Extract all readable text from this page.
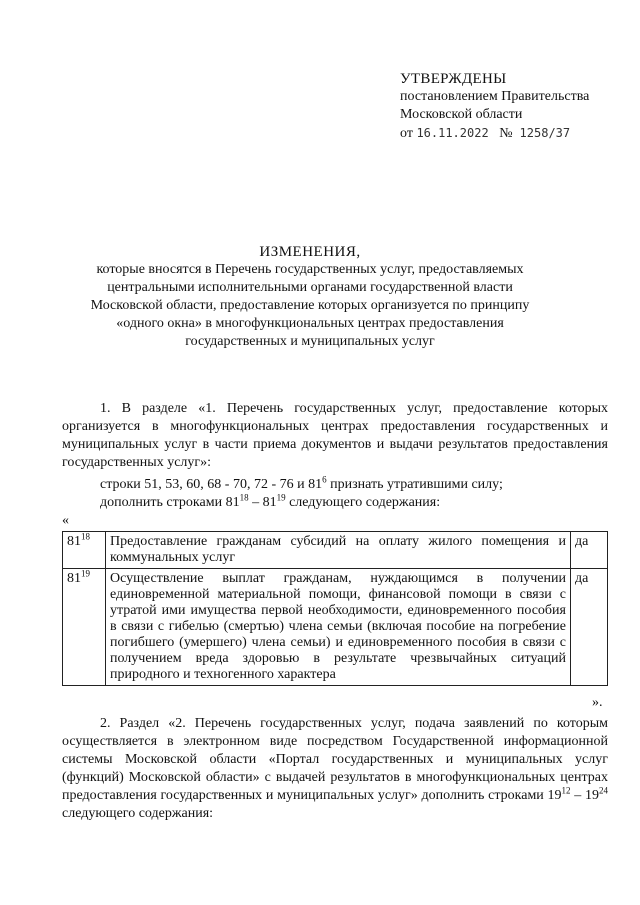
УТВЕРЖДЕНЫ
постановлением Правительства
Московской области
от 16.11.2022 № 1258/37
ИЗМЕНЕНИЯ,
которые вносятся в Перечень государственных услуг, предоставляемых
центральными исполнительными органами государственной власти
Московской области, предоставление которых организуется по принципу
«одного окна» в многофункциональных центрах предоставления
государственных и муниципальных услуг
1. В разделе «1. Перечень государственных услуг, предоставление которых организуется в многофункциональных центрах предоставления государственных и муниципальных услуг в части приема документов и выдачи результатов предоставления государственных услуг»:
строки 51, 53, 60, 68 - 70, 72 - 76 и $81^6$ признать утратившими силу;
дополнить строками $81^{18} - 81^{19}$ следующего содержания:
«
$81^{18}$	Предоставление гражданам субсидий на оплату жилого помещения и коммунальных услуг	да
$81^{19}$	Осуществление выплат гражданам, нуждающимся в получении единовременной материальной помощи, финансовой помощи в связи с утратой ими имущества первой необходимости, единовременного пособия в связи с гибелью (смертью) члена семьи (включая пособие на погребение погибшего (умершего) члена семьи) и единовременного пособия в связи с получением вреда здоровью в результате чрезвычайных ситуаций природного и техногенного характера	да
».
2. Раздел «2. Перечень государственных услуг, подача заявлений по которым осуществляется в электронном виде посредством Государственной информационной системы Московской области «Портал государственных и муниципальных услуг (функций) Московской области» с выдачей результатов в многофункциональных центрах предоставления государственных и муниципальных услуг» дополнить строками $19^{12} - 19^{24}$ следующего содержания:
